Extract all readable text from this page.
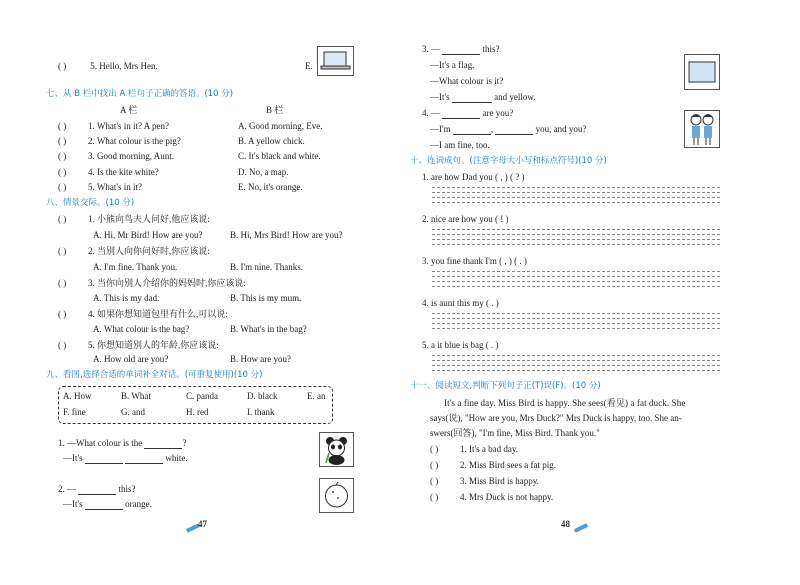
( )	5. Hello, Mrs Hen.	E.
七、从 B 栏中找出 A 栏句子正确的答语。(10 分)
A 栏	B 栏
( ) 1. What's in it? A pen?	A. Good morning, Eve.
( ) 2. What colour is the pig?	B. A yellow chick.
( ) 3. Good morning, Aunt.	C. It's black and white.
( ) 4. Is the kite white?	D. No, a map.
( ) 5. What's in it?	E. No, it's orange.
八、情景交际。(10 分)
( ) 1. 小熊向鸟夫人问好,他应该说:
A. Hi, Mr Bird! How are you?	B. Hi, Mrs Bird! How are you?
( ) 2. 当别人向你问好时,你应该说:
A. I'm fine. Thank you.	B. I'm nine. Thanks.
( ) 3. 当你向别人介绍你的妈妈时,你应该说:
A. This is my dad.	B. This is my mum.
( ) 4. 如果你想知道包里有什么,可以说:
A. What colour is the bag?	B. What's in the bag?
( ) 5. 你想知道别人的年龄,你应该说:
A. How old are you?	B. How are you?
九、看图,选择合适的单词补全对话。(可重复使用)(10 分)
A. How	B. What	C. panda	D. black	E. an
F. fine	G. and	H. red	I. thank
1. —What colour is the	?
—It's	white.
2. —	this?
—It's	orange.
47
3. —	this?
—It's a flag.
—What colour is it?
—It's	and yellow.
4. —	are you?
—I'm	,	you, and you?
—I am fine, too.
十、连词成句。(注意字母大小写和标点符号)(10 分)
1. are how Dad you ( , ) ( ? )
2. nice are how you ( ! )
3. you fine thank I'm ( , ) ( . )
4. is aunt this my ( . )
5. a it blue is bag ( . )
十一、阅读短文,判断下列句子正(T)误(F)。(10 分)
It's a fine day. Miss Bird is happy. She sees(看见) a fat duck. She
says(说), "How are you, Mrs Duck?" Mrs Duck is happy, too. She an-
swers(回答), "I'm fine, Miss Bird. Thank you."
( ) 1. It's a bad day.
( ) 2. Miss Bird sees a fat pig.
( ) 3. Miss Bird is happy.
( ) 4. Mrs Duck is not happy.
48
